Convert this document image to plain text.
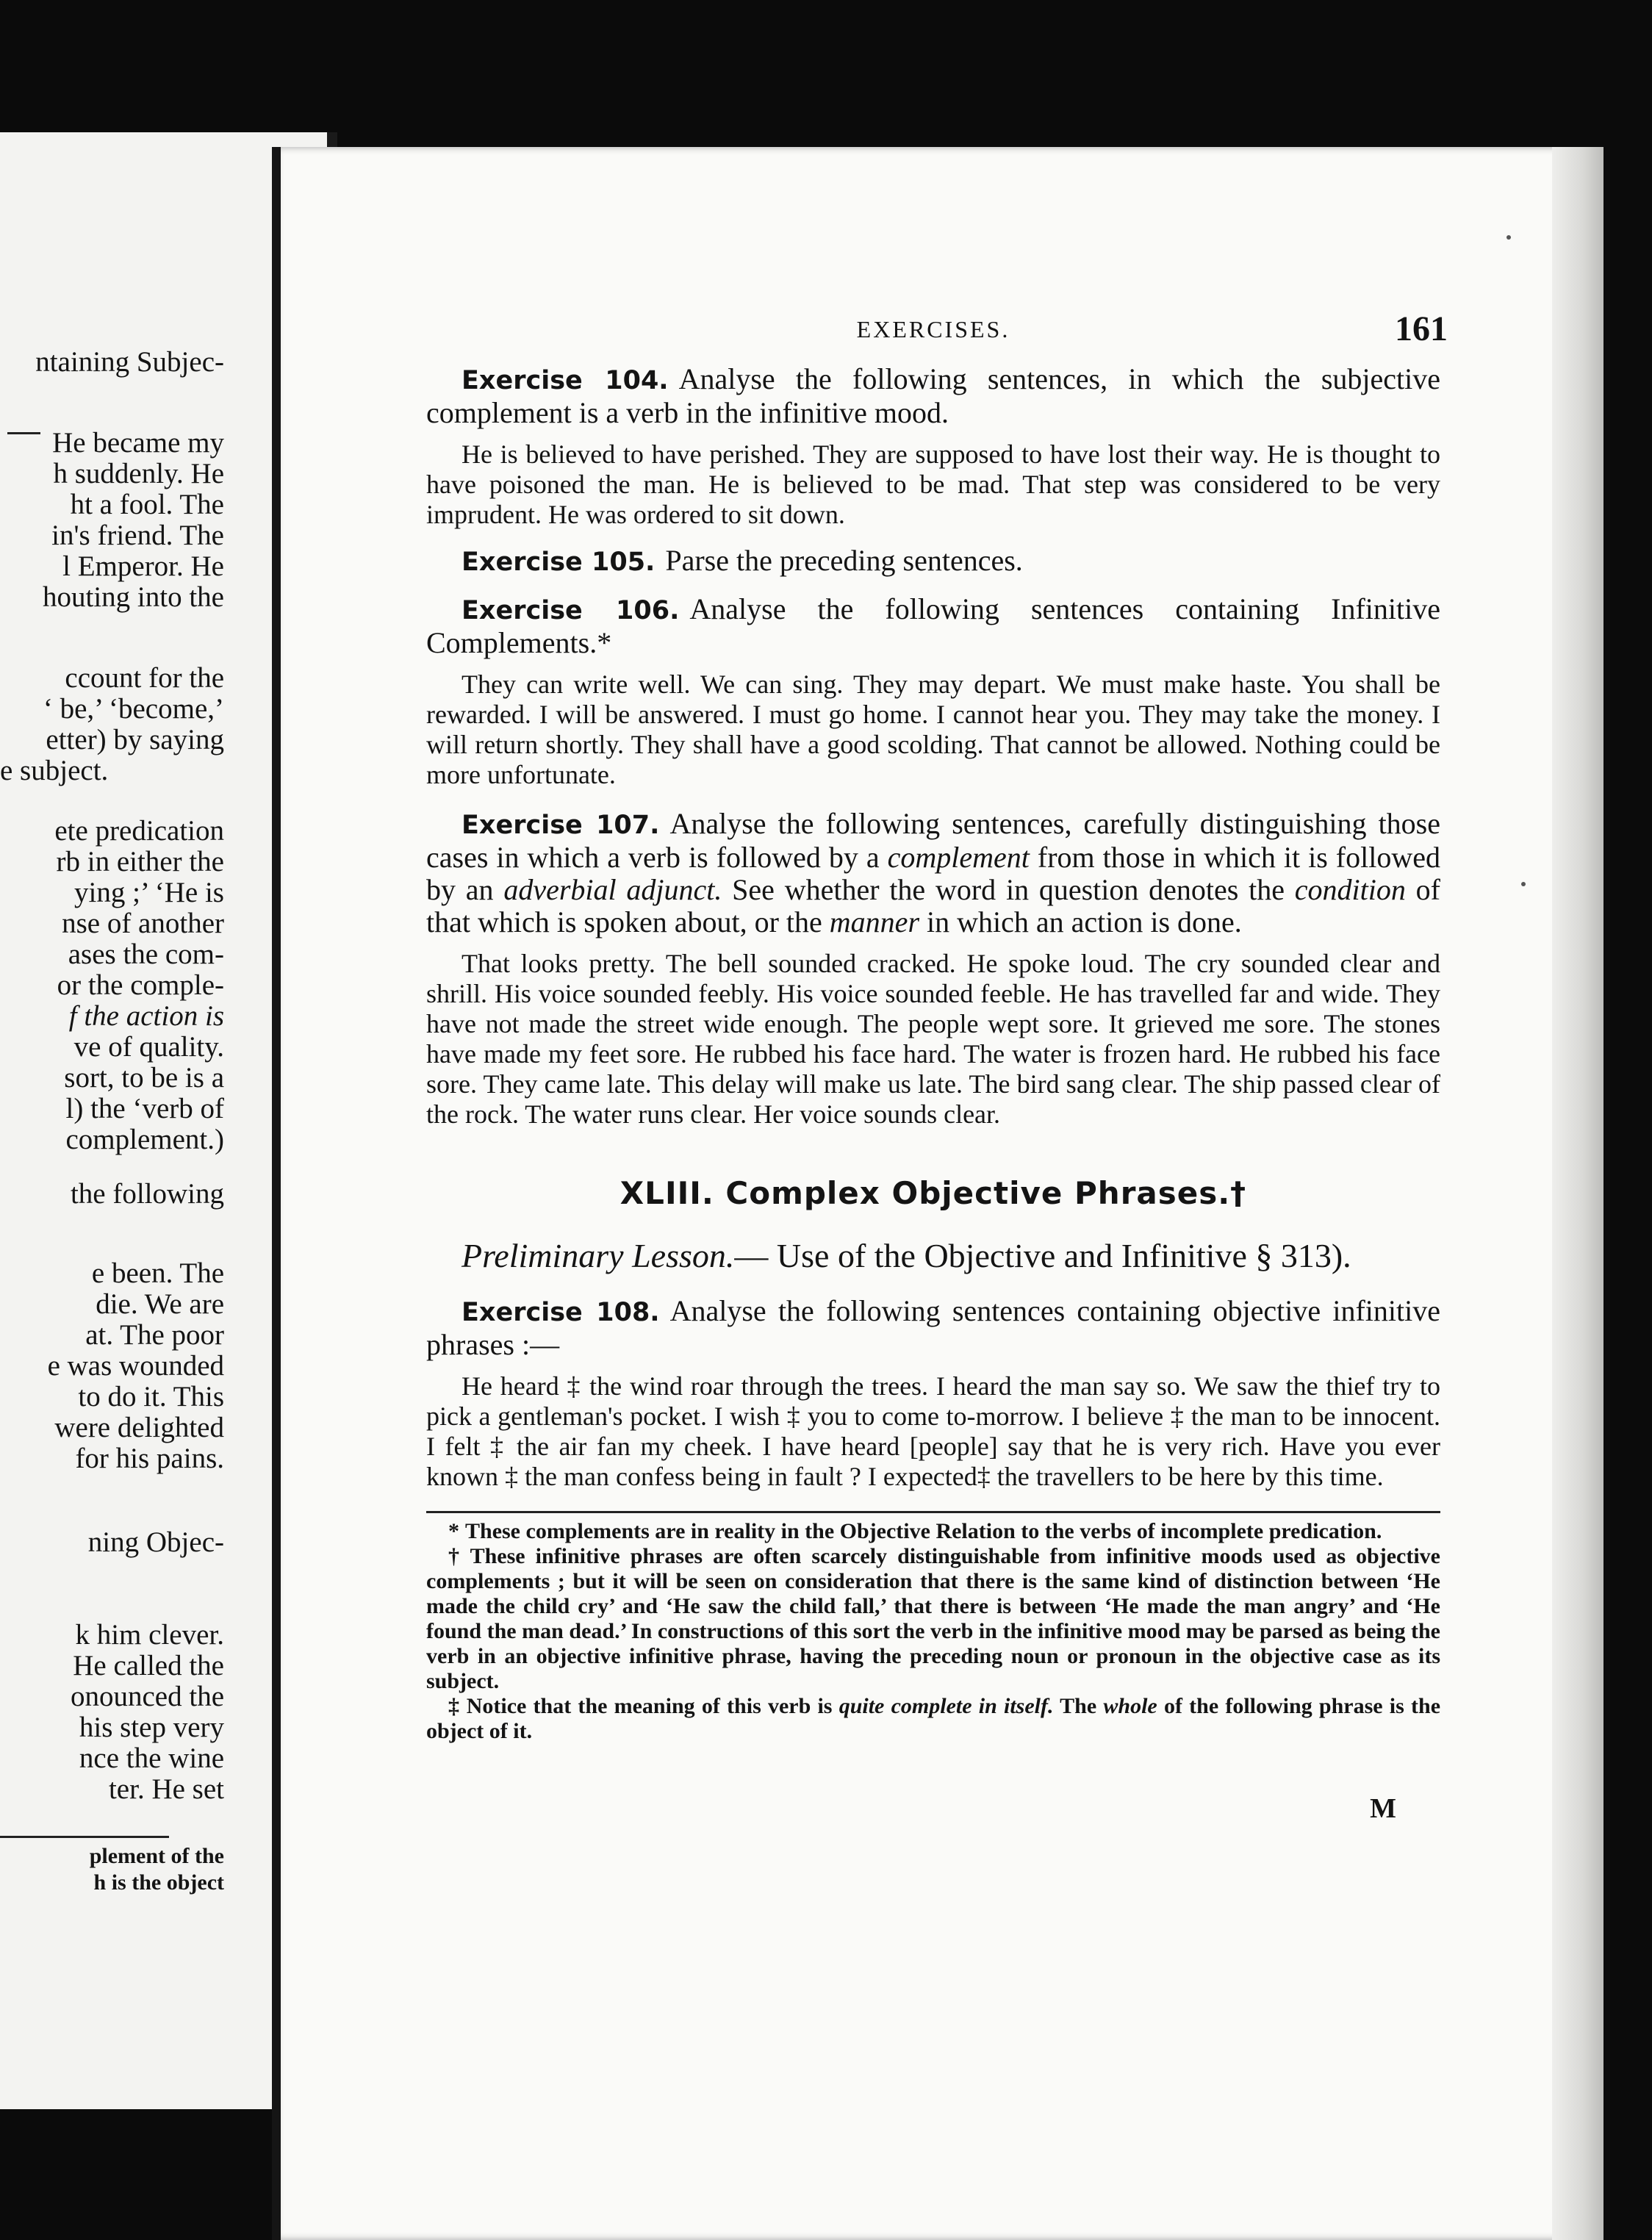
ntaining Subjec-
He became my
h suddenly. He
ht a fool. The
in's friend. The
l Emperor. He
houting into the
ccount for the
‘ be,’ ‘become,’
etter) by saying
e subject.
ete predication
rb in either the
ying ;’ ‘He is
nse of another
ases the com-
or the comple-
f the action is
ve of quality.
sort, to be is a
l) the ‘verb of
complement.)
the following
e been. The
die. We are
at. The poor
e was wounded
to do it. This
were delighted
for his pains.
ning Objec-
k him clever.
He called the
onounced the
his step very
nce the wine
ter. He set
plement of the
h is the object
EXERCISES.	161
Exercise 104. Analyse the following sentences, in which the subjective complement is a verb in the infinitive mood.
He is believed to have perished. They are supposed to have lost their way. He is thought to have poisoned the man. He is believed to be mad. That step was considered to be very imprudent. He was ordered to sit down.
Exercise 105. Parse the preceding sentences.
Exercise 106. Analyse the following sentences containing Infinitive Complements.*
They can write well. We can sing. They may depart. We must make haste. You shall be rewarded. I will be answered. I must go home. I cannot hear you. They may take the money. I will return shortly. They shall have a good scolding. That cannot be allowed. Nothing could be more unfortunate.
Exercise 107. Analyse the following sentences, carefully distinguishing those cases in which a verb is followed by a complement from those in which it is followed by an adverbial adjunct. See whether the word in question denotes the condition of that which is spoken about, or the manner in which an action is done.
That looks pretty. The bell sounded cracked. He spoke loud. The cry sounded clear and shrill. His voice sounded feebly. His voice sounded feeble. He has travelled far and wide. They have not made the street wide enough. The people wept sore. It grieved me sore. The stones have made my feet sore. He rubbed his face hard. The water is frozen hard. He rubbed his face sore. They came late. This delay will make us late. The bird sang clear. The ship passed clear of the rock. The water runs clear. Her voice sounds clear.
XLIII. Complex Objective Phrases.†
Preliminary Lesson.— Use of the Objective and Infinitive § 313).
Exercise 108. Analyse the following sentences containing objective infinitive phrases :—
He heard ‡ the wind roar through the trees. I heard the man say so. We saw the thief try to pick a gentleman's pocket. I wish ‡ you to come to-morrow. I believe ‡ the man to be innocent. I felt ‡ the air fan my cheek. I have heard [people] say that he is very rich. Have you ever known ‡ the man confess being in fault ? I expected‡ the travellers to be here by this time.
* These complements are in reality in the Objective Relation to the verbs of incomplete predication.
† These infinitive phrases are often scarcely distinguishable from infinitive moods used as objective complements ; but it will be seen on consideration that there is the same kind of distinction between ‘He made the child cry’ and ‘He saw the child fall,’ that there is between ‘He made the man angry’ and ‘He found the man dead.’ In constructions of this sort the verb in the infinitive mood may be parsed as being the verb in an objective infinitive phrase, having the preceding noun or pronoun in the objective case as its subject.
‡ Notice that the meaning of this verb is quite complete in itself. The whole of the following phrase is the object of it.
M
